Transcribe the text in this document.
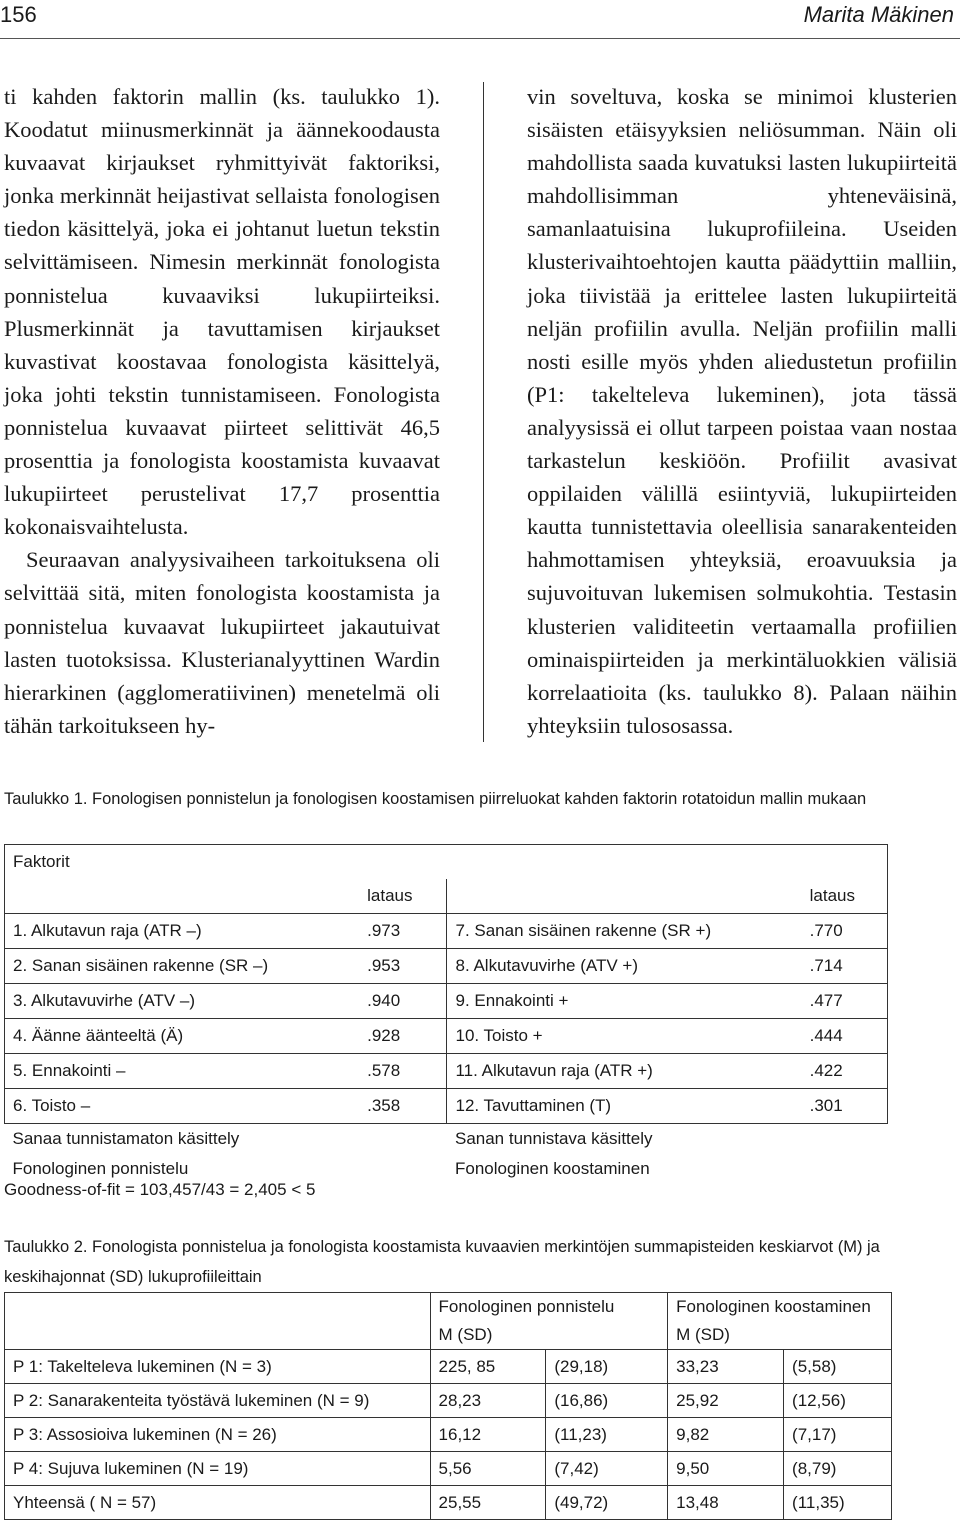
156	Marita Mäkinen

ti kahden faktorin mallin (ks. taulukko 1). Koodatut miinusmerkinnät ja äännekoodausta kuvaavat kirjaukset ryhmittyivät faktoriksi, jonka merkinnät heijastivat sellaista fonologisen tiedon käsittelyä, joka ei johtanut luetun tekstin selvittämiseen. Nimesin merkinnät fonologista ponnistelua kuvaaviksi lukupiirteiksi. Plusmerkinnät ja tavuttamisen kirjaukset kuvastivat koostavaa fonologista käsittelyä, joka johti tekstin tunnistamiseen. Fonologista ponnistelua kuvaavat piirteet selittivät 46,5 prosenttia ja fonologista koostamista kuvaavat lukupiirteet perustelivat 17,7 prosenttia kokonaisvaihtelusta.

Seuraavan analyysivaiheen tarkoituksena oli selvittää sitä, miten fonologista koostamista ja ponnistelua kuvaavat lukupiirteet jakautuivat lasten tuotoksissa. Klusterianalyyttinen Wardin hierarkinen (agglomeratiivinen) menetelmä oli tähän tarkoitukseen hy-

vin soveltuva, koska se minimoi klusterien sisäisten etäisyyksien neliösumman. Näin oli mahdollista saada kuvatuksi lasten lukupiirteitä mahdollisimman yhteneväisinä, samanlaatuisina lukuprofiileina. Useiden klusterivaihtoehtojen kautta päädyttiin malliin, joka tiivistää ja erittelee lasten lukupiirteitä neljän profiilin avulla. Neljän profiilin malli nosti esille myös yhden aliedustetun profiilin (P1: takelteleva lukeminen), jota tässä analyysissä ei ollut tarpeen poistaa vaan nostaa tarkastelun keskiöön. Profiilit avasivat oppilaiden välillä esiintyviä, lukupiirteiden kautta tunnistettavia oleellisia sanarakenteiden hahmottamisen yhteyksiä, eroavuuksia ja sujuvoituvan lukemisen solmukohtia. Testasin klusterien validiteetin vertaamalla profiilien ominaispiirteiden ja merkintäluokkien välisiä korrelaatioita (ks. taulukko 8). Palaan näihin yhteyksiin tulososassa.

Taulukko 1. Fonologisen ponnistelun ja fonologisen koostamisen piirreluokat kahden faktorin rotatoidun mallin mukaan
Faktorit			
	lataus		lataus
1. Alkutavun raja (ATR –)	.973	7. Sanan sisäinen rakenne (SR +)	.770
2. Sanan sisäinen rakenne (SR –)	.953	8. Alkutavuvirhe (ATV +)	.714
3. Alkutavuvirhe (ATV –)	.940	9. Ennakointi +	.477
4. Äänne äänteeltä (Ä)	.928	10. Toisto +	.444
5. Ennakointi –	.578	11. Alkutavun raja (ATR +)	.422
6. Toisto –	.358	12. Tavuttaminen (T)	.301
Sanaa tunnistamaton käsittely		Sanan tunnistava käsittely	
Fonologinen ponnistelu		Fonologinen koostaminen	
Goodness-of-fit = 103,457/43 = 2,405 < 5
Taulukko 2. Fonologista ponnistelua ja fonologista koostamista kuvaavien merkintöjen summapisteiden keskiarvot (M) ja keskihajonnat (SD) lukuprofiileittain
	Fonologinen ponnistelu		Fonologinen koostaminen	
	M (SD)		M (SD)	
P 1: Takelteleva lukeminen (N = 3)	225, 85	(29,18)	33,23	(5,58)
P 2: Sanarakenteita työstävä lukeminen (N = 9)	28,23	(16,86)	25,92	(12,56)
P 3: Assosioiva lukeminen (N = 26)	16,12	(11,23)	9,82	(7,17)
P 4: Sujuva lukeminen (N = 19)	5,56	(7,42)	9,50	(8,79)
Yhteensä ( N = 57)	25,55	(49,72)	13,48	(11,35)
